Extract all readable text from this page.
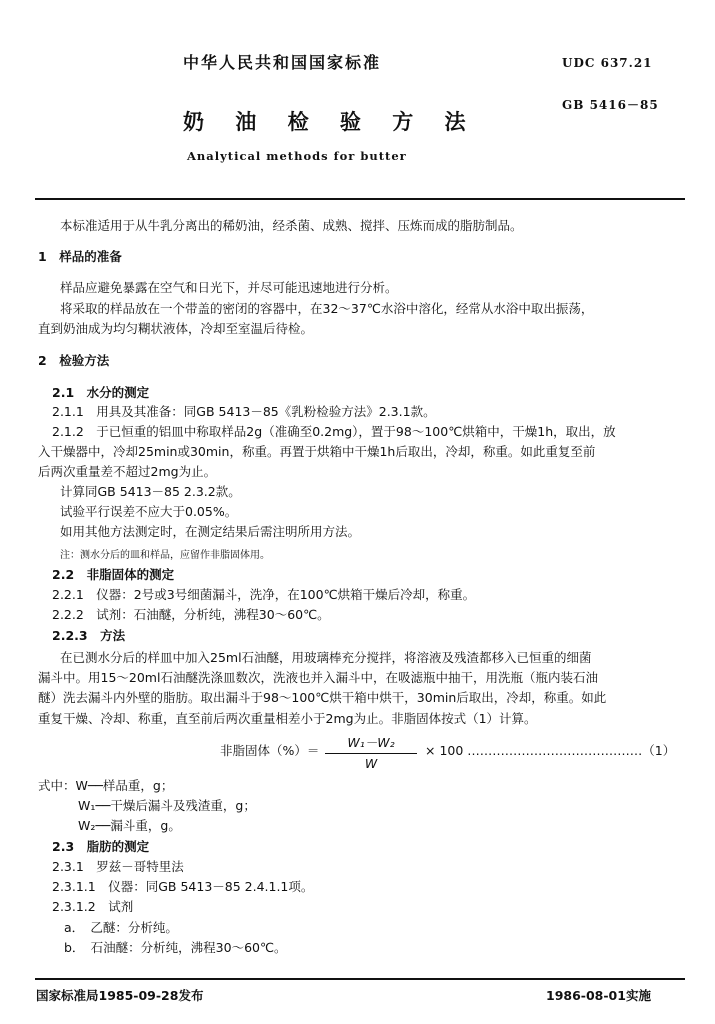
中华人民共和国国家标准	UDC 637.21
奶 油 检 验 方 法
GB 5416－85
Analytical methods for butter
本标准适用于从牛乳分离出的稀奶油，经杀菌、成熟、搅拌、压炼而成的脂肪制品。
1　样品的准备
样品应避免暴露在空气和日光下，并尽可能迅速地进行分析。
将采取的样品放在一个带盖的密闭的容器中，在32～37℃水浴中溶化，经常从水浴中取出振荡，
直到奶油成为均匀糊状液体，冷却至室温后待检。
2　检验方法
2.1　水分的测定
2.1.1　用具及其准备：同GB 5413－85《乳粉检验方法》2.3.1款。
2.1.2　于已恒重的铝皿中称取样品2g（准确至0.2mg），置于98～100℃烘箱中，干燥1h，取出，放
入干燥器中，冷却25min或30min，称重。再置于烘箱中干燥1h后取出，冷却，称重。如此重复至前
后两次重量差不超过2mg为止。
计算同GB 5413－85 2.3.2款。
试验平行误差不应大于0.05%。
如用其他方法测定时，在测定结果后需注明所用方法。
注：测水分后的皿和样品，应留作非脂固体用。
2.2　非脂固体的测定
2.2.1　仪器：2号或3号细菌漏斗，洗净，在100℃烘箱干燥后冷却，称重。
2.2.2　试剂：石油醚，分析纯，沸程30～60℃。
2.2.3　方法
在已测水分后的样皿中加入25ml石油醚，用玻璃棒充分搅拌，将溶液及残渣都移入已恒重的细菌
漏斗中。用15～20ml石油醚洗涤皿数次，洗液也并入漏斗中，在吸滤瓶中抽干，用洗瓶（瓶内装石油
醚）洗去漏斗内外壁的脂肪。取出漏斗于98～100℃烘干箱中烘干，30min后取出，冷却，称重。如此
重复干燥、冷却、称重，直至前后两次重量相差小于2mg为止。非脂固体按式（1）计算。
非脂固体（%）＝
W₁－W₂
W
× 100 ……………………………………（1）
式中：W──样品重，g；
W₁──干燥后漏斗及残渣重，g；
W₂──漏斗重，g。
2.3　脂肪的测定
2.3.1　罗兹－哥特里法
2.3.1.1　仪器：同GB 5413－85 2.4.1.1项。
2.3.1.2　试剂
a．　乙醚：分析纯。
b．　石油醚：分析纯，沸程30～60℃。
国家标准局1985-09-28发布	1986-08-01实施
